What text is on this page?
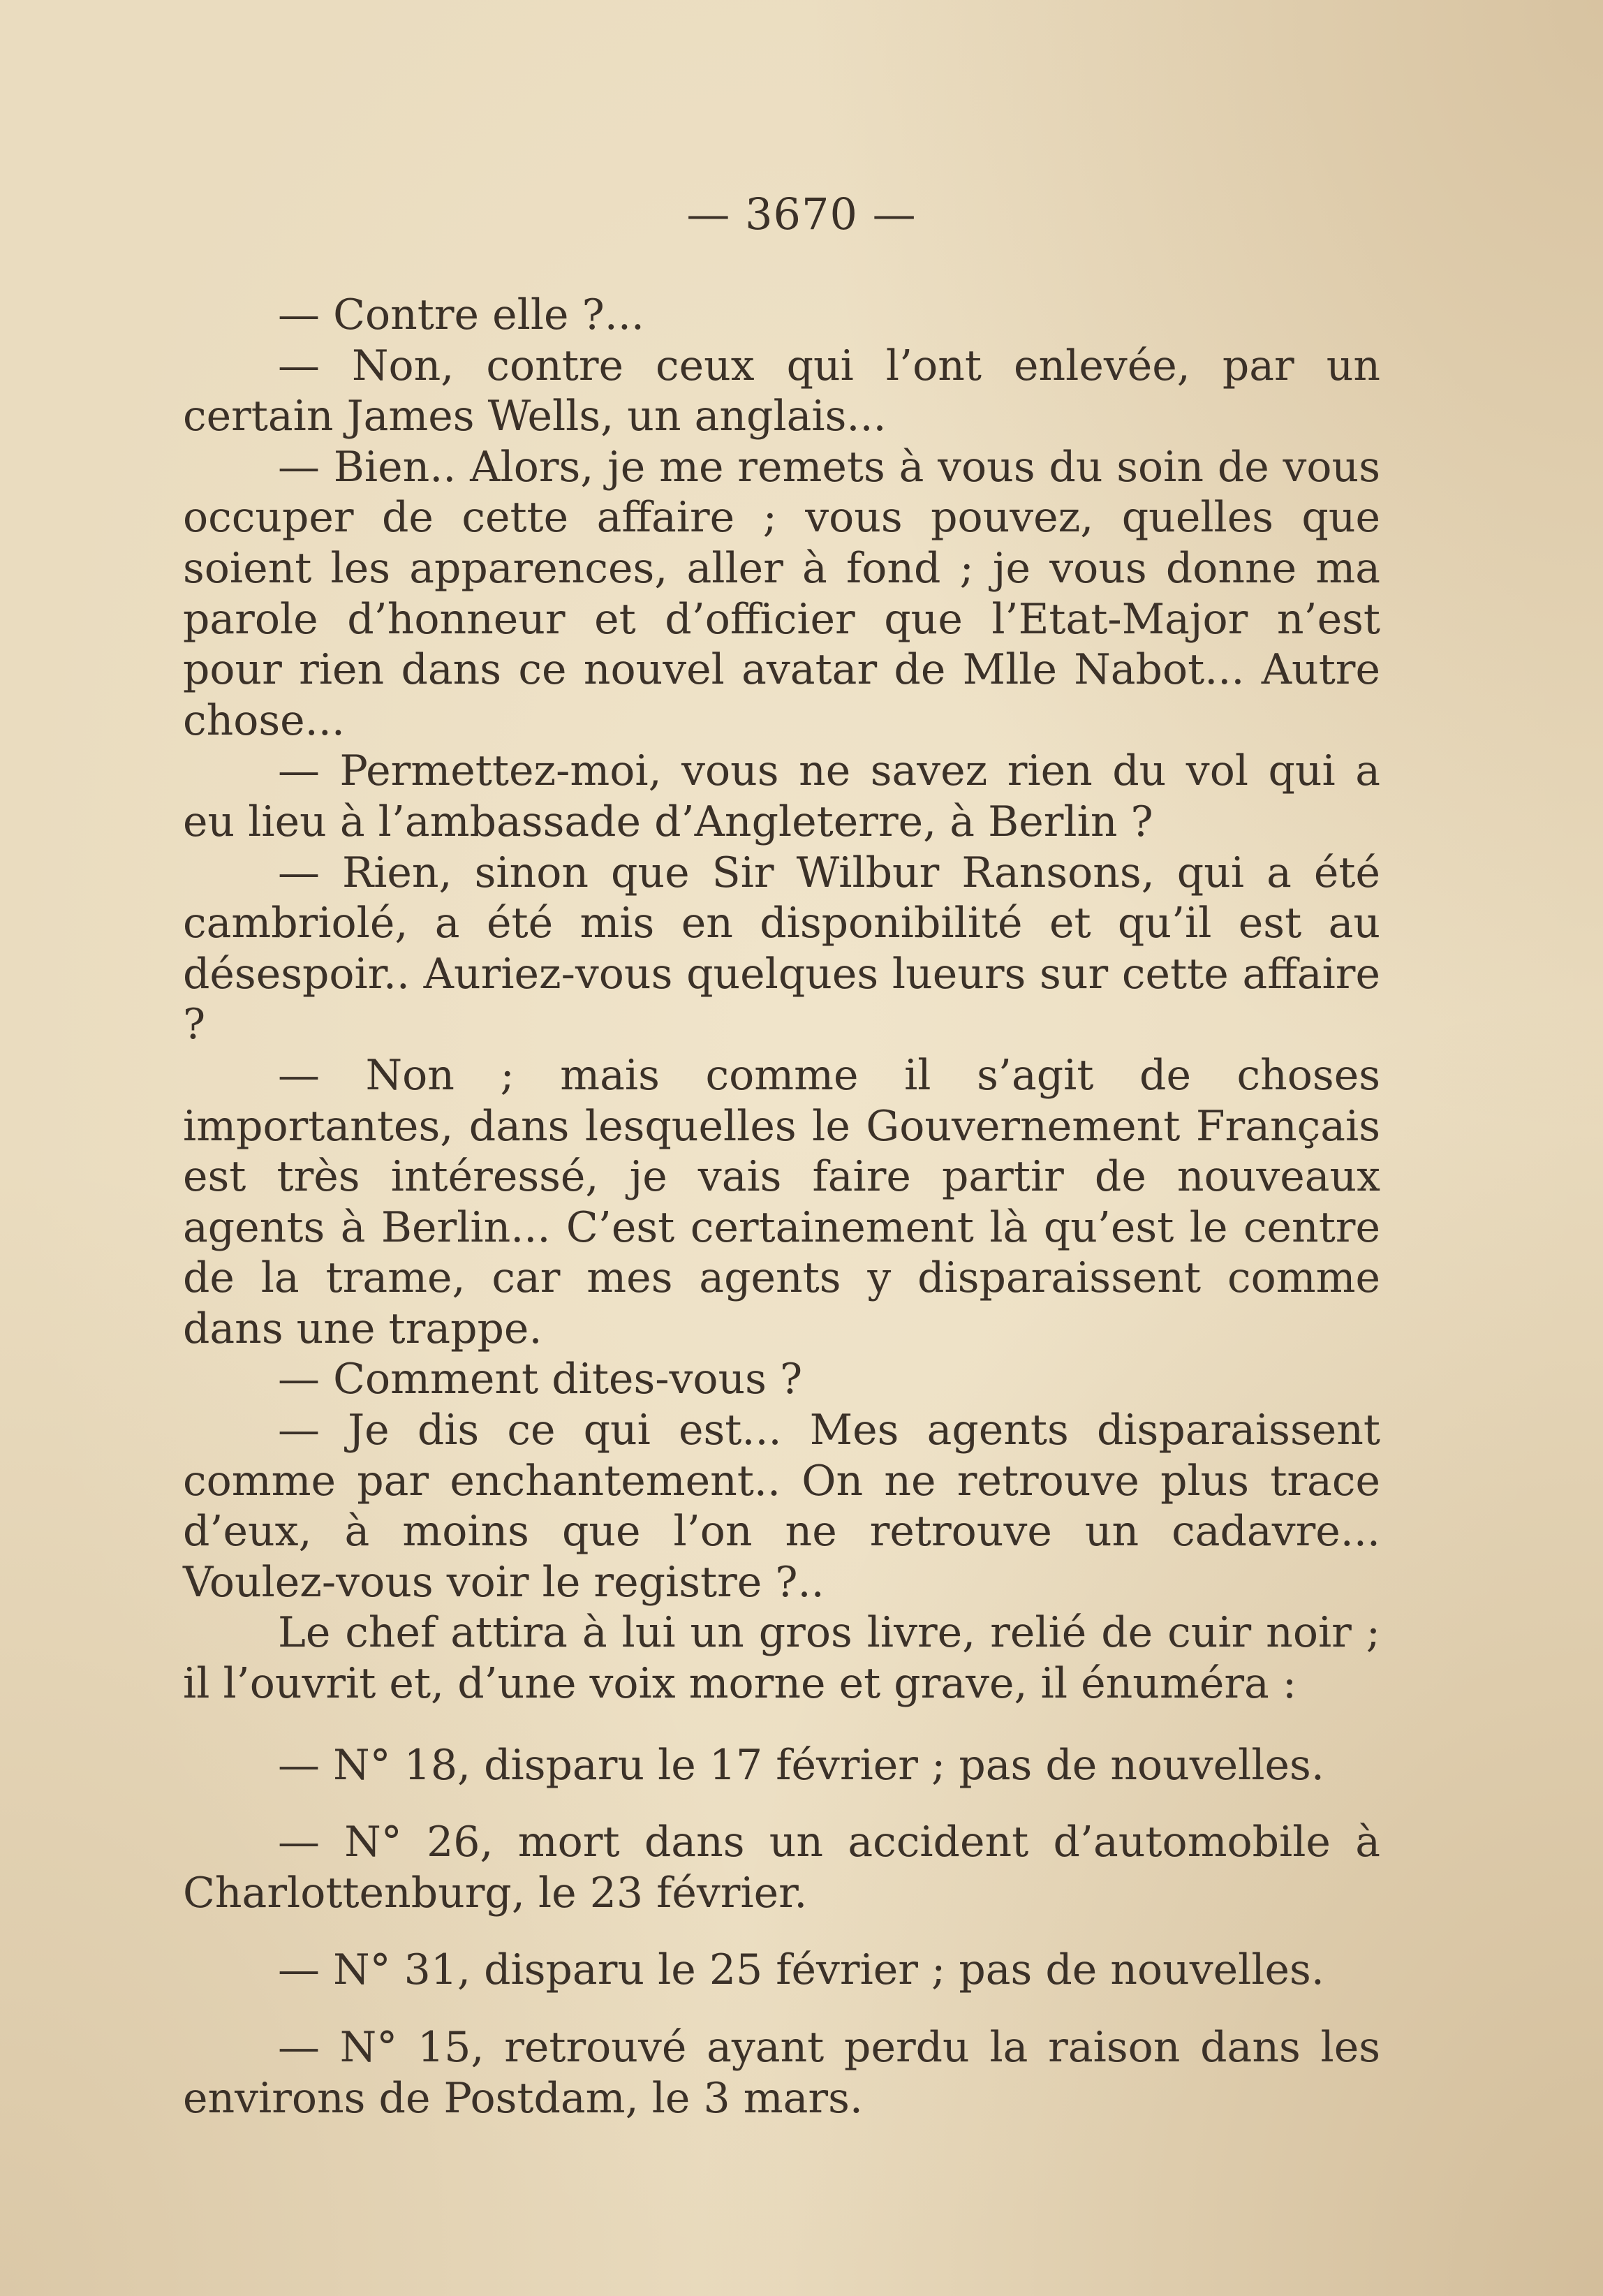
— 3670 —

— Contre elle ?...

— Non, contre ceux qui l’ont enlevée, par un certain James Wells, un anglais...

— Bien.. Alors, je me remets à vous du soin de vous occuper de cette affaire ; vous pouvez, quelles que soient les apparences, aller à fond ; je vous donne ma parole d’honneur et d’officier que l’Etat-Major n’est pour rien dans ce nouvel avatar de Mlle Nabot... Autre chose...

— Permettez-moi, vous ne savez rien du vol qui a eu lieu à l’ambassade d’Angleterre, à Berlin ?

— Rien, sinon que Sir Wilbur Ransons, qui a été cambriolé, a été mis en disponibilité et qu’il est au désespoir.. Auriez-vous quelques lueurs sur cette affaire ?

— Non ; mais comme il s’agit de choses importantes, dans lesquelles le Gouvernement Français est très intéressé, je vais faire partir de nouveaux agents à Berlin... C’est certainement là qu’est le centre de la trame, car mes agents y disparaissent comme dans une trappe.

— Comment dites-vous ?

— Je dis ce qui est... Mes agents disparaissent comme par enchantement.. On ne retrouve plus trace d’eux, à moins que l’on ne retrouve un cadavre... Voulez-vous voir le registre ?..

Le chef attira à lui un gros livre, relié de cuir noir ; il l’ouvrit et, d’une voix morne et grave, il énuméra :

— N° 18, disparu le 17 février ; pas de nouvelles.

— N° 26, mort dans un accident d’automobile à Charlottenburg, le 23 février.

— N° 31, disparu le 25 février ; pas de nouvelles.

— N° 15, retrouvé ayant perdu la raison dans les environs de Postdam, le 3 mars.
